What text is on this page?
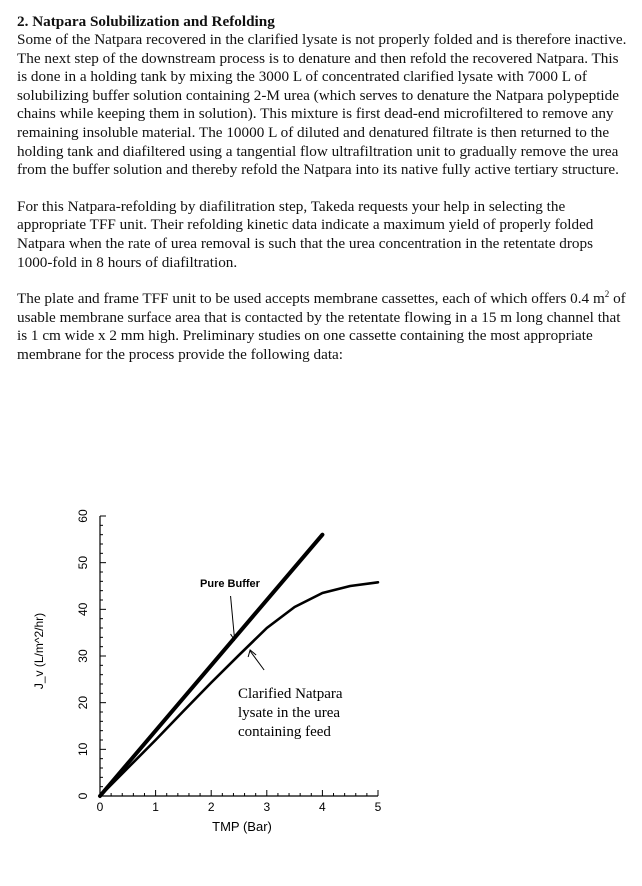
2. Natpara Solubilization and Refolding

Some of the Natpara recovered in the clarified lysate is not properly folded and is therefore inactive. The next step of the downstream process is to denature and then refold the recovered Natpara. This is done in a holding tank by mixing the 3000 L of concentrated clarified lysate with 7000 L of solubilizing buffer solution containing 2-M urea (which serves to denature the Natpara polypeptide chains while keeping them in solution). This mixture is first dead-end microfiltered to remove any remaining insoluble material. The 10000 L of diluted and denatured filtrate is then returned to the holding tank and diafiltered using a tangential flow ultrafiltration unit to gradually remove the urea from the buffer solution and thereby refold the Natpara into its native fully active tertiary structure.

For this Natpara-refolding by diafilitration step, Takeda requests your help in selecting the appropriate TFF unit. Their refolding kinetic data indicate a maximum yield of properly folded Natpara when the rate of urea removal is such that the urea concentration in the retentate drops 1000-fold in 8 hours of diafiltration.

The plate and frame TFF unit to be used accepts membrane cassettes, each of which offers 0.4 $m^2$ of usable membrane surface area that is contacted by the retentate flowing in a 15 m long channel that is 1 cm wide x 2 mm high. Preliminary studies on one cassette containing the most appropriate membrane for the process provide the following data:

0
10
20
30
40
50
60
0	1	2	3	4	5
TMP (Bar)
J_v (L/m^2/hr)
Pure Buffer
Clarified Natpara
lysate in the urea
containing feed
